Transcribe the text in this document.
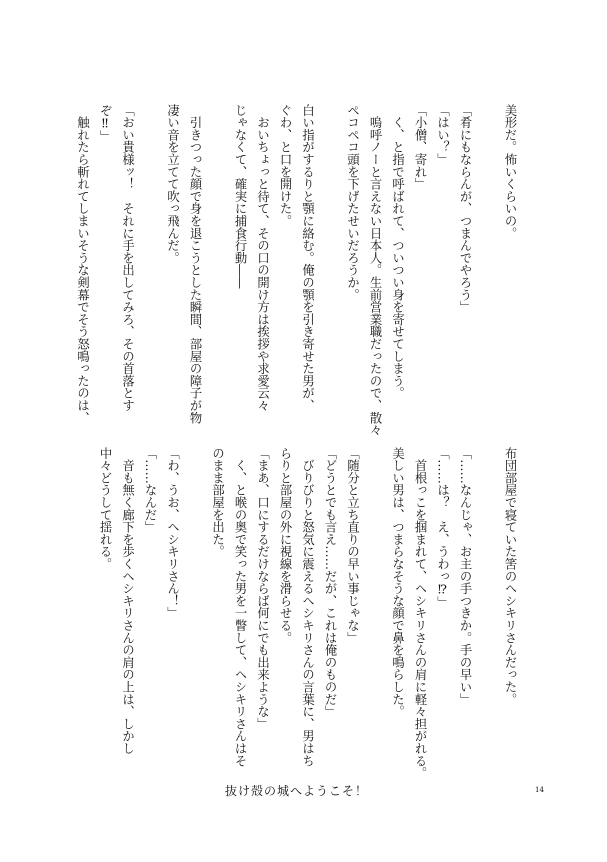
美形だ。怖いくらいの。

「肴にもならんが、つまんでやろう」

「はい？」

「小僧、寄れ」

　く、と指で呼ばれて、ついつい身を寄せてしまう。

　嗚呼ノーと言えない日本人。生前営業職だったので、散々

ペコペコ頭を下げたせいだろうか。

白い指がするりと顎に絡む。俺の顎を引き寄せた男が、

ぐわ、と口を開けた。

　おいちょっと待て、その口の開け方は挨拶や求愛云々

じゃなくて、確実に捕食行動――

　引きつった顔で身を退こうとした瞬間、部屋の障子が物

凄い音を立てて吹っ飛んだ。

「おい貴様ッ！　それに手を出してみろ、その首落とす

ぞ‼」

　触れたら斬れてしまいそうな剣幕でそう怒鳴ったのは、

布団部屋で寝ていた筈のヘシキリさんだった。

「……なんじゃ、お主の手つきか。手の早い」

「……は？　え、うわっ⁉」

　首根っこを掴まれて、ヘシキリさんの肩に軽々担がれる。

美しい男は、つまらなそうな顔で鼻を鳴らした。

「随分と立ち直りの早い事じゃな」

「どうとでも言え……だが、これは俺のものだ」

　びりびりと怒気に震えるヘシキリさんの言葉に、男はち

らりと部屋の外に視線を滑らせる。

「まあ、口にするだけならば何にでも出来ような」

　く、と喉の奥で笑った男を一瞥して、ヘシキリさんはそ

のまま部屋を出た。

「わ、うお、ヘシキリさん！」

「……なんだ」

　音も無く廊下を歩くヘシキリさんの肩の上は、しかし

中々どうして揺れる。

抜け殻の城へようこそ！	14
